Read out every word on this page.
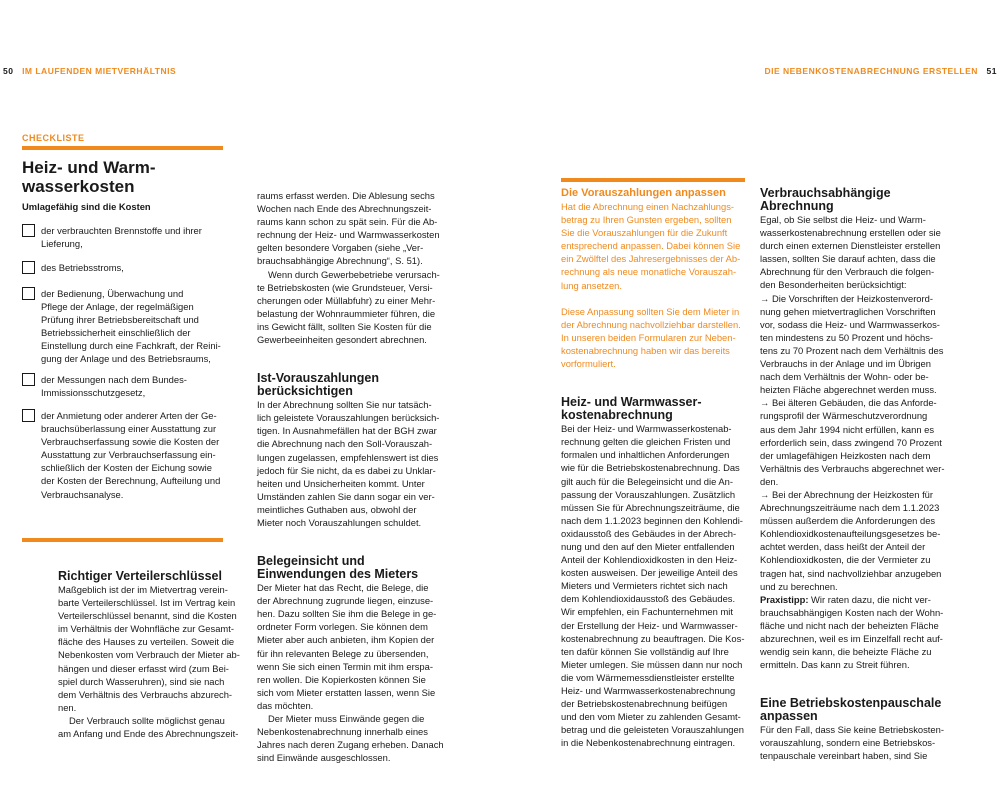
50 IM LAUFENDEN MIETVERHÄLTNIS	DIE NEBENKOSTENABRECHNUNG ERSTELLEN 51
CHECKLISTE

Heiz- und Warm-

wasserkosten

Umlagefähig sind die Kosten

der verbrauchten Brennstoffe und ihrer

Lieferung,

des Betriebsstroms,

der Bedienung, Überwachung und

Pflege der Anlage, der regelmäßigen

Prüfung ihrer Betriebsbereitschaft und

Betriebssicherheit einschließlich der

Einstellung durch eine Fachkraft, der Reini-

gung der Anlage und des Betriebsraums,

der Messungen nach dem Bundes-

Immissionsschutzgesetz,

der Anmietung oder anderer Arten der Ge-

brauchsüberlassung einer Ausstattung zur

Verbrauchserfassung sowie die Kosten der

Ausstattung zur Verbrauchserfassung ein-

schließlich der Kosten der Eichung sowie

der Kosten der Berechnung, Aufteilung und

Verbrauchsanalyse.

Richtiger Verteilerschlüssel

Maßgeblich ist der im Mietvertrag verein-

barte Verteilerschlüssel. Ist im Vertrag kein

Verteilerschlüssel benannt, sind die Kosten

im Verhältnis der Wohnfläche zur Gesamt-

fläche des Hauses zu verteilen. Soweit die

Nebenkosten vom Verbrauch der Mieter ab-

hängen und dieser erfasst wird (zum Bei-

spiel durch Wasseruhren), sind sie nach

dem Verhältnis des Verbrauchs abzurech-

nen.

Der Verbrauch sollte möglichst genau

am Anfang und Ende des Abrechnungszeit-

raums erfasst werden. Die Ablesung sechs

Wochen nach Ende des Abrechnungszeit-

raums kann schon zu spät sein. Für die Ab-

rechnung der Heiz- und Warmwasserkosten

gelten besondere Vorgaben (siehe „Ver-

brauchsabhängige Abrechnung“, S. 51).

Wenn durch Gewerbebetriebe verursach-

te Betriebskosten (wie Grundsteuer, Versi-

cherungen oder Müllabfuhr) zu einer Mehr-

belastung der Wohnraummieter führen, die

ins Gewicht fällt, sollten Sie Kosten für die

Gewerbeeinheiten gesondert abrechnen.

Ist-Vorauszahlungen

berücksichtigen

In der Abrechnung sollten Sie nur tatsäch-

lich geleistete Vorauszahlungen berücksich-

tigen. In Ausnahmefällen hat der BGH zwar

die Abrechnung nach den Soll-Vorauszah-

lungen zugelassen, empfehlenswert ist dies

jedoch für Sie nicht, da es dabei zu Unklar-

heiten und Unsicherheiten kommt. Unter

Umständen zahlen Sie dann sogar ein ver-

meintliches Guthaben aus, obwohl der

Mieter noch Vorauszahlungen schuldet.

Belegeinsicht und

Einwendungen des Mieters

Der Mieter hat das Recht, die Belege, die

der Abrechnung zugrunde liegen, einzuse-

hen. Dazu sollten Sie ihm die Belege in ge-

ordneter Form vorlegen. Sie können dem

Mieter aber auch anbieten, ihm Kopien der

für ihn relevanten Belege zu übersenden,

wenn Sie sich einen Termin mit ihm erspa-

ren wollen. Die Kopierkosten können Sie

sich vom Mieter erstatten lassen, wenn Sie

das möchten.

Der Mieter muss Einwände gegen die

Nebenkostenabrechnung innerhalb eines

Jahres nach deren Zugang erheben. Danach

sind Einwände ausgeschlossen.

Die Vorauszahlungen anpassen

Hat die Abrechnung einen Nachzahlungs-

betrag zu Ihren Gunsten ergeben, sollten

Sie die Vorauszahlungen für die Zukunft

entsprechend anpassen. Dabei können Sie

ein Zwölftel des Jahresergebnisses der Ab-

rechnung als neue monatliche Vorauszah-

lung ansetzen.

Diese Anpassung sollten Sie dem Mieter in

der Abrechnung nachvollziehbar darstellen.

In unseren beiden Formularen zur Neben-

kostenabrechnung haben wir das bereits

vorformuliert.

Heiz- und Warmwasser-

kostenabrechnung

Bei der Heiz- und Warmwasserkostenab-

rechnung gelten die gleichen Fristen und

formalen und inhaltlichen Anforderungen

wie für die Betriebskostenabrechnung. Das

gilt auch für die Belegeinsicht und die An-

passung der Vorauszahlungen. Zusätzlich

müssen Sie für Abrechnungszeiträume, die

nach dem 1.1.2023 beginnen den Kohlendi-

oxidausstoß des Gebäudes in der Abrech-

nung und den auf den Mieter entfallenden

Anteil der Kohlendioxidkosten in den Heiz-

kosten ausweisen. Der jeweilige Anteil des

Mieters und Vermieters richtet sich nach

dem Kohlendioxidausstoß des Gebäudes.

Wir empfehlen, ein Fachunternehmen mit

der Erstellung der Heiz- und Warmwasser-

kostenabrechnung zu beauftragen. Die Kos-

ten dafür können Sie vollständig auf Ihre

Mieter umlegen. Sie müssen dann nur noch

die vom Wärmemessdienstleister erstellte

Heiz- und Warmwasserkostenabrechnung

der Betriebskostenabrechnung beifügen

und den vom Mieter zu zahlenden Gesamt-

betrag und die geleisteten Vorauszahlungen

in die Nebenkostenabrechnung eintragen.

Verbrauchsabhängige

Abrechnung

Egal, ob Sie selbst die Heiz- und Warm-

wasserkostenabrechnung erstellen oder sie

durch einen externen Dienstleister erstellen

lassen, sollten Sie darauf achten, dass die

Abrechnung für den Verbrauch die folgen-

den Besonderheiten berücksichtigt:

→ Die Vorschriften der Heizkostenverord-

nung gehen mietvertraglichen Vorschriften

vor, sodass die Heiz- und Warmwasserkos-

ten mindestens zu 50 Prozent und höchs-

tens zu 70 Prozent nach dem Verhältnis des

Verbrauchs in der Anlage und im Übrigen

nach dem Verhältnis der Wohn- oder be-

heizten Fläche abgerechnet werden muss.

→ Bei älteren Gebäuden, die das Anforde-

rungsprofil der Wärmeschutzverordnung

aus dem Jahr 1994 nicht erfüllen, kann es

erforderlich sein, dass zwingend 70 Prozent

der umlagefähigen Heizkosten nach dem

Verhältnis des Verbrauchs abgerechnet wer-

den.

→ Bei der Abrechnung der Heizkosten für

Abrechnungszeiträume nach dem 1.1.2023

müssen außerdem die Anforderungen des

Kohlendioxidkostenaufteilungsgesetzes be-

achtet werden, dass heißt der Anteil der

Kohlendioxidkosten, die der Vermieter zu

tragen hat, sind nachvollziehbar anzugeben

und zu berechnen.

Praxistipp: Wir raten dazu, die nicht ver-

brauchsabhängigen Kosten nach der Wohn-

fläche und nicht nach der beheizten Fläche

abzurechnen, weil es im Einzelfall recht auf-

wendig sein kann, die beheizte Fläche zu

ermitteln. Das kann zu Streit führen.

Eine Betriebskostenpauschale

anpassen

Für den Fall, dass Sie keine Betriebskosten-

vorauszahlung, sondern eine Betriebskos-

tenpauschale vereinbart haben, sind Sie
